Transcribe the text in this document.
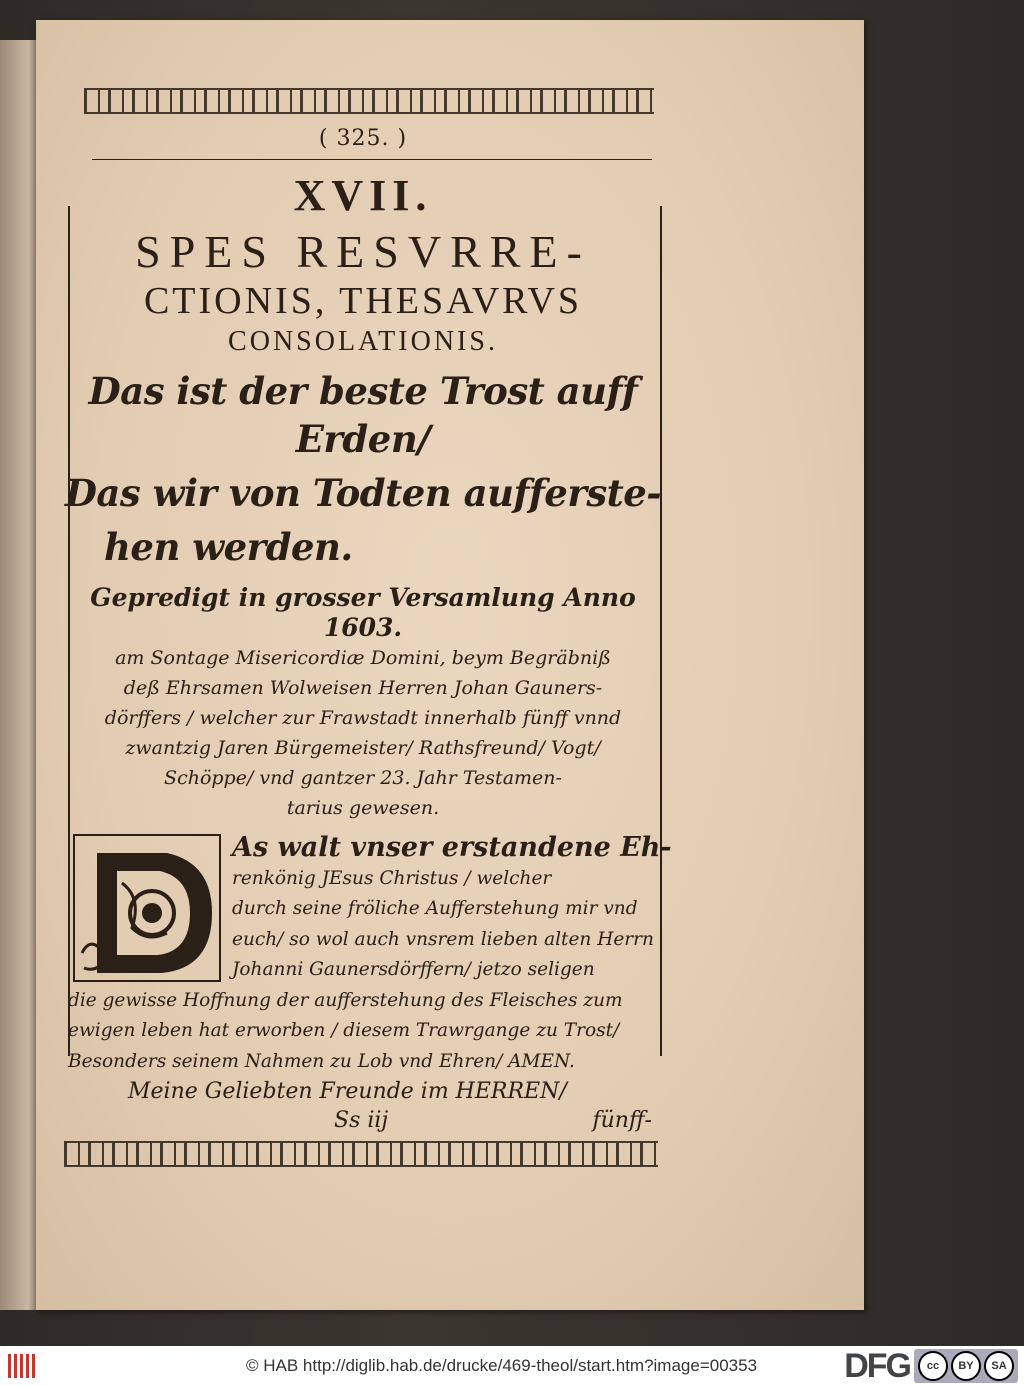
( 325. )
XVII.
SPES RESVRRE-
CTIONIS, THESAVRVS
CONSOLATIONIS.
Das ist der beste Trost auff Erden/
Das wir von Todten aufferste-
hen werden.
Gepredigt in grosser Versamlung Anno 1603.
am Sontage Misericordiæ Domini, beym Begräbniß
deß Ehrsamen Wolweisen Herren Johan Gauners-
dörffers / welcher zur Frawstadt innerhalb fünff vnnd
zwantzig Jaren Bürgemeister/ Rathsfreund/ Vogt/
Schöppe/ vnd gantzer 23. Jahr Testamen-
tarius gewesen.
As walt vnser erstandene Eh-
renkönig JEsus Christus / welcher
durch seine fröliche Aufferstehung mir vnd
euch/ so wol auch vnsrem lieben alten Herrn
Johanni Gaunersdörffern/ jetzo seligen
die gewisse Hoffnung der aufferstehung des Fleisches zum
ewigen leben hat erworben / diesem Trawrgange zu Trost/
Besonders seinem Nahmen zu Lob vnd Ehren/ AMEN.
Meine Geliebten Freunde im HERREN/
Ss iij	fünff-
© HAB http://diglib.hab.de/drucke/469-theol/start.htm?image=00353	DFG	cc	BY	SA
